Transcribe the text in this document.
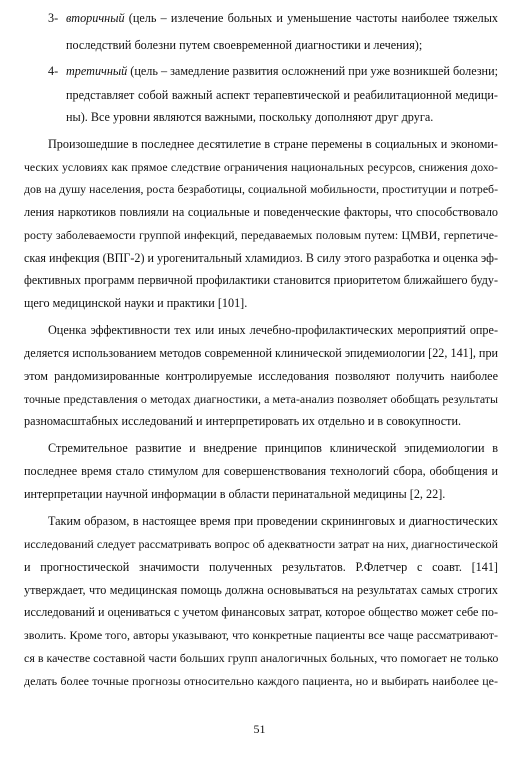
3- вторичный (цель – излечение больных и уменьшение частоты наиболее тяжелых

последствий болезни путем своевременной диагностики и лечения);

4- третичный (цель – замедление развития осложнений при уже возникшей болезни;

представляет собой важный аспект терапевтической и реабилитационной медици-

ны). Все уровни являются важными, поскольку дополняют друг друга.

Произошедшие в последнее десятилетие в стране перемены в социальных и экономи-

ческих условиях как прямое следствие ограничения национальных ресурсов, снижения дохо-

дов на душу населения, роста безработицы, социальной мобильности, проституции и потреб-

ления наркотиков повлияли на социальные и поведенческие факторы, что способствовало

росту заболеваемости группой инфекций, передаваемых половым путем: ЦМВИ, герпетиче-

ская инфекция (ВПГ-2) и урогенитальный хламидиоз. В силу этого разработка и оценка эф-

фективных программ первичной профилактики становится приоритетом ближайшего буду-

щего медицинской науки и практики [101].

Оценка эффективности тех или иных лечебно-профилактических мероприятий опре-

деляется использованием методов современной клинической эпидемиологии [22, 141], при

этом рандомизированные контролируемые исследования позволяют получить наиболее

точные представления о методах диагностики, а мета-анализ позволяет обобщать результаты

разномасштабных исследований и интерпретировать их отдельно и в совокупности.

Стремительное развитие и внедрение принципов клинической эпидемиологии в

последнее время стало стимулом для совершенствования технологий сбора, обобщения и

интерпретации научной информации в области перинатальной медицины [2, 22].

Таким образом, в настоящее время при проведении скрининговых и диагностических

исследований следует рассматривать вопрос об адекватности затрат на них, диагностической

и прогностической значимости полученных результатов. Р.Флетчер с соавт. [141]

утверждает, что медицинская помощь должна основываться на результатах самых строгих

исследований и оцениваться с учетом финансовых затрат, которое общество может себе по-

зволить. Кроме того, авторы указывают, что конкретные пациенты все чаще рассматривают-

ся в качестве составной части больших групп аналогичных больных, что помогает не только

делать более точные прогнозы относительно каждого пациента, но и выбирать наиболее це-

51
